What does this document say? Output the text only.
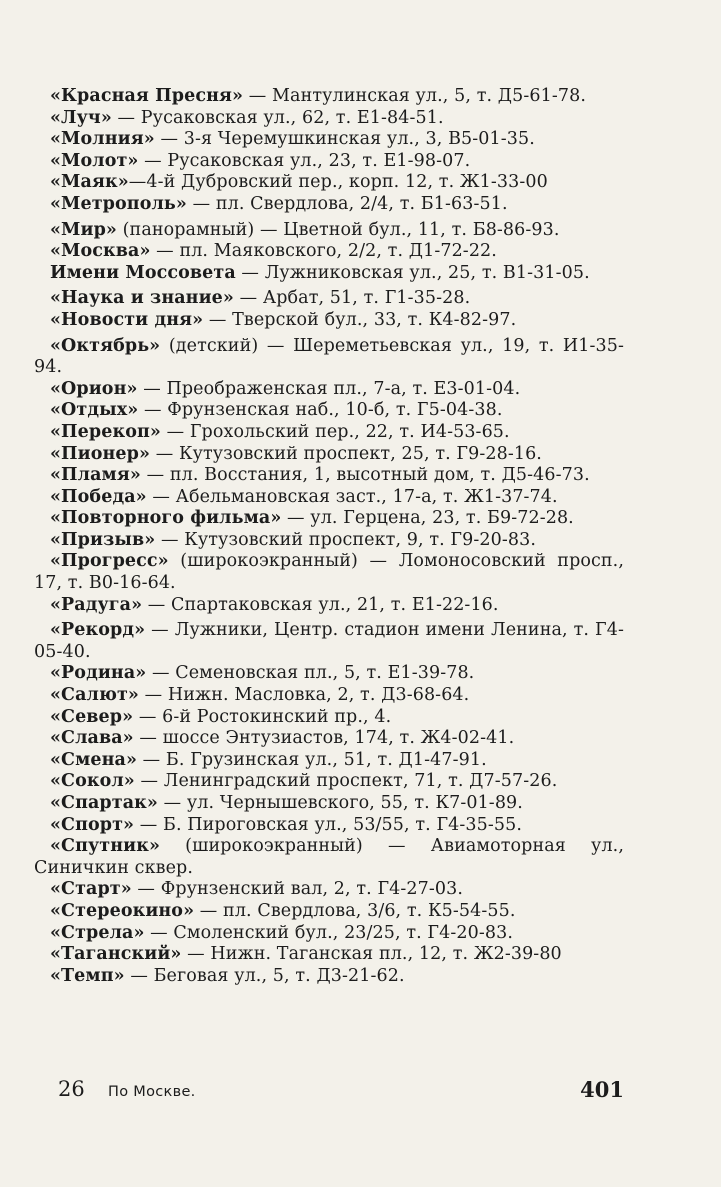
«Красная Пресня» — Мантулинская ул., 5, т. Д5-61-78.

«Луч» — Русаковская ул., 62, т. Е1-84-51.

«Молния» — 3-я Черемушкинская ул., 3, В5-01-35.

«Молот» — Русаковская ул., 23, т. Е1-98-07.

«Маяк»—4-й Дубровский пер., корп. 12, т. Ж1-33-00

«Метрополь» — пл. Свердлова, 2/4, т. Б1-63-51.

«Мир» (панорамный) — Цветной бул., 11, т. Б8-86-93.

«Москва» — пл. Маяковского, 2/2, т. Д1-72-22.

Имени Моссовета — Лужниковская ул., 25, т. В1-31-05.

«Наука и знание» — Арбат, 51, т. Г1-35-28.

«Новости дня» — Тверской бул., 33, т. К4-82-97.

«Октябрь» (детский) — Шереметьевская ул., 19, т. И1-35-94.

«Орион» — Преображенская пл., 7-а, т. Е3-01-04.

«Отдых» — Фрунзенская наб., 10-б, т. Г5-04-38.

«Перекоп» — Грохольский пер., 22, т. И4-53-65.

«Пионер» — Кутузовский проспект, 25, т. Г9-28-16.

«Пламя» — пл. Восстания, 1, высотный дом, т. Д5-46-73.

«Победа» — Абельмановская заст., 17-а, т. Ж1-37-74.

«Повторного фильма» — ул. Герцена, 23, т. Б9-72-28.

«Призыв» — Кутузовский проспект, 9, т. Г9-20-83.

«Прогресс» (широкоэкранный) — Ломоносовский просп., 17, т. В0-16-64.

«Радуга» — Спартаковская ул., 21, т. Е1-22-16.

«Рекорд» — Лужники, Центр. стадион имени Ленина, т. Г4-05-40.

«Родина» — Семеновская пл., 5, т. Е1-39-78.

«Салют» — Нижн. Масловка, 2, т. Д3-68-64.

«Север» — 6-й Ростокинский пр., 4.

«Слава» — шоссе Энтузиастов, 174, т. Ж4-02-41.

«Смена» — Б. Грузинская ул., 51, т. Д1-47-91.

«Сокол» — Ленинградский проспект, 71, т. Д7-57-26.

«Спартак» — ул. Чернышевского, 55, т. К7-01-89.

«Спорт» — Б. Пироговская ул., 53/55, т. Г4-35-55.

«Спутник» (широкоэкранный) — Авиамоторная ул., Синичкин сквер.

«Старт» — Фрунзенский вал, 2, т. Г4-27-03.

«Стереокино» — пл. Свердлова, 3/6, т. К5-54-55.

«Стрела» — Смоленский бул., 23/25, т. Г4-20-83.

«Таганский» — Нижн. Таганская пл., 12, т. Ж2-39-80

«Темп» — Беговая ул., 5, т. Д3-21-62.

26 По Москве.	401
